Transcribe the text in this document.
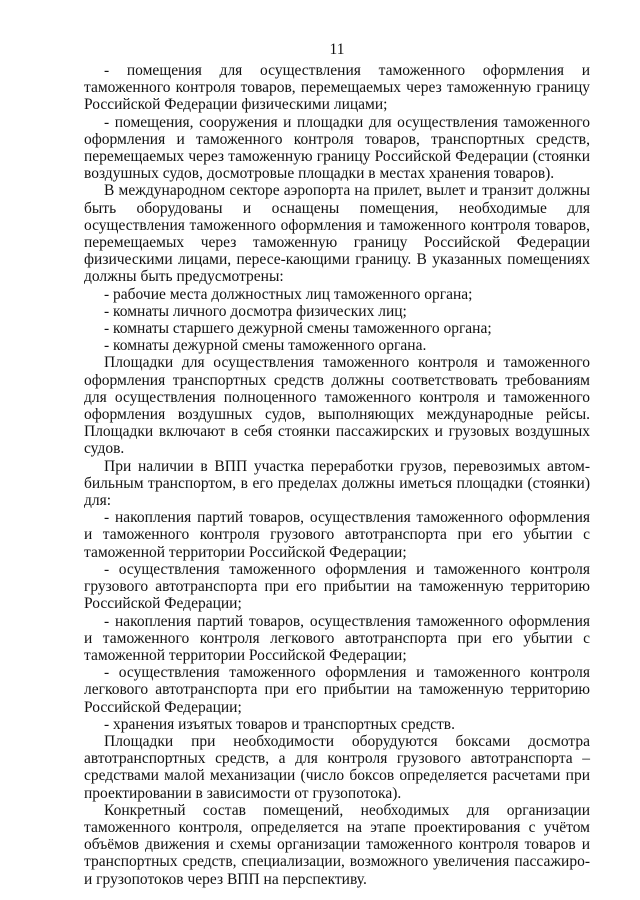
11

- помещения для осуществления таможенного оформления и таможенного контроля товаров, перемещаемых через таможенную границу Российской Федерации физическими лицами;

- помещения, сооружения и площадки для осуществления таможенного оформления и таможенного контроля товаров, транспортных средств, перемещаемых через таможенную границу Российской Федерации (стоянки воздушных судов, досмотровые площадки в местах хранения товаров).

В международном секторе аэропорта на прилет, вылет и транзит должны быть оборудованы и оснащены помещения, необходимые для осуществления таможенного оформления и таможенного контроля товаров, перемещаемых через таможенную границу Российской Федерации физическими лицами, пересе-кающими границу. В указанных помещениях должны быть предусмотрены:

- рабочие места должностных лиц таможенного органа;

- комнаты личного досмотра физических лиц;

- комнаты старшего дежурной смены таможенного органа;

- комнаты дежурной смены таможенного органа.

Площадки для осуществления таможенного контроля и таможенного оформления транспортных средств должны соответствовать требованиям для осуществления полноценного таможенного контроля и таможенного оформления воздушных судов, выполняющих международные рейсы. Площадки включают в себя стоянки пассажирских и грузовых воздушных судов.

При наличии в ВПП участка переработки грузов, перевозимых автом-бильным транспортом, в его пределах должны иметься площадки (стоянки) для:

- накопления партий товаров, осуществления таможенного оформления и таможенного контроля грузового автотранспорта при его убытии с таможенной территории Российской Федерации;

- осуществления таможенного оформления и таможенного контроля грузового автотранспорта при его прибытии на таможенную территорию Российской Федерации;

- накопления партий товаров, осуществления таможенного оформления и таможенного контроля легкового автотранспорта при его убытии с таможенной территории Российской Федерации;

- осуществления таможенного оформления и таможенного контроля легкового автотранспорта при его прибытии на таможенную территорию Российской Федерации;

- хранения изъятых товаров и транспортных средств.

Площадки при необходимости оборудуются боксами досмотра автотранспортных средств, а для контроля грузового автотранспорта – средствами малой механизации (число боксов определяется расчетами при проектировании в зависимости от грузопотока).

Конкретный состав помещений, необходимых для организации таможенного контроля, определяется на этапе проектирования с учётом объёмов движения и схемы организации таможенного контроля товаров и транспортных средств, специализации, возможного увеличения пассажиро- и грузопотоков через ВПП на перспективу.
